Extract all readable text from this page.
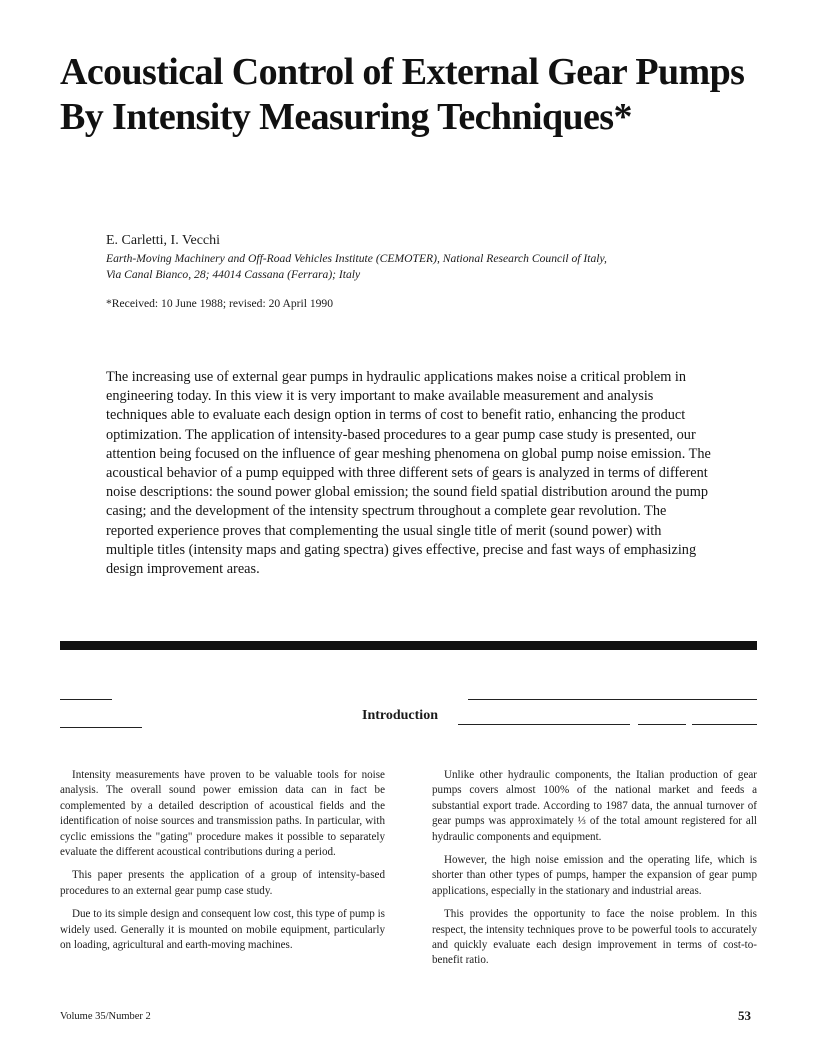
Acoustical Control of External Gear Pumps By Intensity Measuring Techniques*
E. Carletti, I. Vecchi
Earth-Moving Machinery and Off-Road Vehicles Institute (CEMOTER), National Research Council of Italy,
Via Canal Bianco, 28; 44014 Cassana (Ferrara); Italy
*Received: 10 June 1988; revised: 20 April 1990

The increasing use of external gear pumps in hydraulic applications makes noise a critical problem in engineering today. In this view it is very important to make available measurement and analysis techniques able to evaluate each design option in terms of cost to benefit ratio, enhancing the product optimization. The application of intensity-based procedures to a gear pump case study is presented, our attention being focused on the influence of gear meshing phenomena on global pump noise emission. The acoustical behavior of a pump equipped with three different sets of gears is analyzed in terms of different noise descriptions: the sound power global emission; the sound field spatial distribution around the pump casing; and the development of the intensity spectrum throughout a complete gear revolution. The reported experience proves that complementing the usual single title of merit (sound power) with multiple titles (intensity maps and gating spectra) gives effective, precise and fast ways of emphasizing design improvement areas.

Introduction

Intensity measurements have proven to be valuable tools for noise analysis. The overall sound power emission data can in fact be complemented by a detailed description of acoustical fields and the identification of noise sources and transmission paths. In particular, with cyclic emissions the "gating" procedure makes it possible to separately evaluate the different acoustical contributions during a period.

This paper presents the application of a group of intensity-based procedures to an external gear pump case study.

Due to its simple design and consequent low cost, this type of pump is widely used. Generally it is mounted on mobile equipment, particularly on loading, agricultural and earth-moving machines.

Unlike other hydraulic components, the Italian production of gear pumps covers almost 100% of the national market and feeds a substantial export trade. According to 1987 data, the annual turnover of gear pumps was approximately ⅓ of the total amount registered for all hydraulic components and equipment.

However, the high noise emission and the operating life, which is shorter than other types of pumps, hamper the expansion of gear pump applications, especially in the stationary and industrial areas.

This provides the opportunity to face the noise problem. In this respect, the intensity techniques prove to be powerful tools to accurately and quickly evaluate each design improvement in terms of cost-to-benefit ratio.

Volume 35/Number 2	53
